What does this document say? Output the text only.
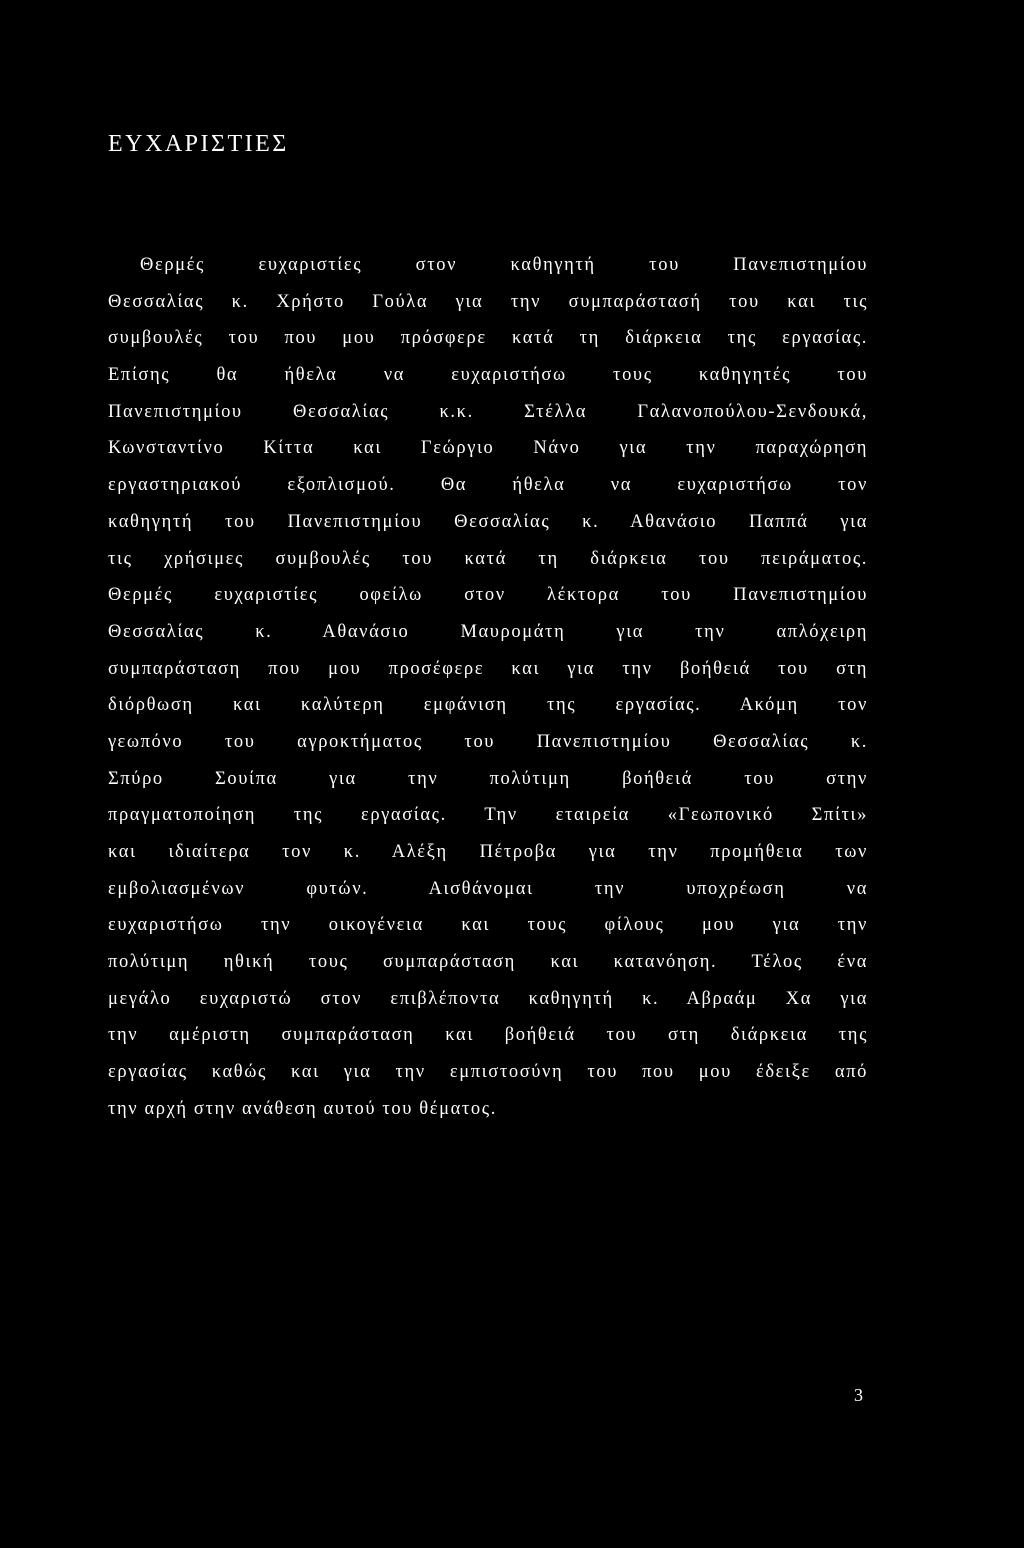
ΕΥΧΑΡΙΣΤΙΕΣ
Θερμές ευχαριστίες στον καθηγητή του Πανεπιστημίου
Θεσσαλίας κ. Χρήστο Γούλα για την συμπαράστασή του και τις
συμβουλές του που μου πρόσφερε κατά τη διάρκεια της εργασίας.
Επίσης θα ήθελα να ευχαριστήσω τους καθηγητές του
Πανεπιστημίου Θεσσαλίας κ.κ. Στέλλα Γαλανοπούλου-Σενδουκά,
Κωνσταντίνο Κίττα και Γεώργιο Νάνο για την παραχώρηση
εργαστηριακού εξοπλισμού. Θα ήθελα να ευχαριστήσω τον
καθηγητή του Πανεπιστημίου Θεσσαλίας κ. Αθανάσιο Παππά για
τις χρήσιμες συμβουλές του κατά τη διάρκεια του πειράματος.
Θερμές ευχαριστίες οφείλω στον λέκτορα του Πανεπιστημίου
Θεσσαλίας κ. Αθανάσιο Μαυρομάτη για την απλόχειρη
συμπαράσταση που μου προσέφερε και για την βοήθειά του στη
διόρθωση και καλύτερη εμφάνιση της εργασίας. Ακόμη τον
γεωπόνο του αγροκτήματος του Πανεπιστημίου Θεσσαλίας κ.
Σπύρο Σουίπα για την πολύτιμη βοήθειά του στην
πραγματοποίηση της εργασίας. Την εταιρεία «Γεωπονικό Σπίτι»
και ιδιαίτερα τον κ. Αλέξη Πέτροβα για την προμήθεια των
εμβολιασμένων φυτών. Αισθάνομαι την υποχρέωση να
ευχαριστήσω την οικογένεια και τους φίλους μου για την
πολύτιμη ηθική τους συμπαράσταση και κατανόηση. Τέλος ένα
μεγάλο ευχαριστώ στον επιβλέποντα καθηγητή κ. Αβραάμ Χα για
την αμέριστη συμπαράσταση και βοήθειά του στη διάρκεια της
εργασίας καθώς και για την εμπιστοσύνη του που μου έδειξε από
την αρχή στην ανάθεση αυτού του θέματος.
3
